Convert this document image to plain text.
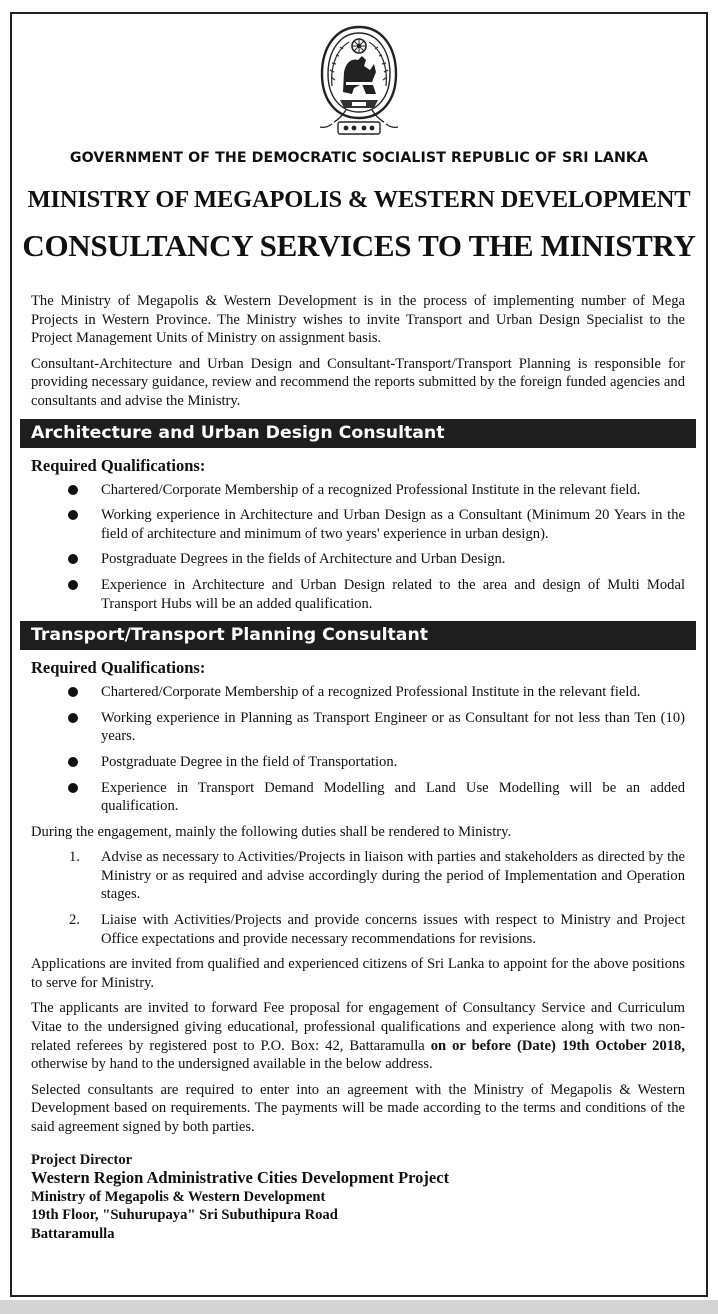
GOVERNMENT OF THE DEMOCRATIC SOCIALIST REPUBLIC OF SRI LANKA
MINISTRY OF MEGAPOLIS & WESTERN DEVELOPMENT
CONSULTANCY SERVICES TO THE MINISTRY

The Ministry of Megapolis & Western Development is in the process of implementing number of Mega Projects in Western Province. The Ministry wishes to invite Transport and Urban Design Specialist to the Project Management Units of Ministry on assignment basis.

Consultant-Architecture and Urban Design and Consultant-Transport/Transport Planning is responsible for providing necessary guidance, review and recommend the reports submitted by the foreign funded agencies and consultants and advise the Ministry.

Architecture and Urban Design Consultant
Required Qualifications:
Chartered/Corporate Membership of a recognized Professional Institute in the relevant field.
Working experience in Architecture and Urban Design as a Consultant (Minimum 20 Years in the field of architecture and minimum of two years' experience in urban design).
Postgraduate Degrees in the fields of Architecture and Urban Design.
Experience in Architecture and Urban Design related to the area and design of Multi Modal Transport Hubs will be an added qualification.
Transport/Transport Planning Consultant
Required Qualifications:
Chartered/Corporate Membership of a recognized Professional Institute in the relevant field.
Working experience in Planning as Transport Engineer or as Consultant for not less than Ten (10) years.
Postgraduate Degree in the field of Transportation.
Experience in Transport Demand Modelling and Land Use Modelling will be an added qualification.

During the engagement, mainly the following duties shall be rendered to Ministry.

1. Advise as necessary to Activities/Projects in liaison with parties and stakeholders as directed by the Ministry or as required and advise accordingly during the period of Implementation and Operation stages.
2. Liaise with Activities/Projects and provide concerns issues with respect to Ministry and Project Office expectations and provide necessary recommendations for revisions.

Applications are invited from qualified and experienced citizens of Sri Lanka to appoint for the above positions to serve for Ministry.

The applicants are invited to forward Fee proposal for engagement of Consultancy Service and Curriculum Vitae to the undersigned giving educational, professional qualifications and experience along with two non-related referees by registered post to P.O. Box: 42, Battaramulla on or before (Date) 19th October 2018, otherwise by hand to the undersigned available in the below address.

Selected consultants are required to enter into an agreement with the Ministry of Megapolis & Western Development based on requirements. The payments will be made according to the terms and conditions of the said agreement signed by both parties.

Project Director
Western Region Administrative Cities Development Project
Ministry of Megapolis & Western Development
19th Floor, "Suhurupaya" Sri Subuthipura Road
Battaramulla
